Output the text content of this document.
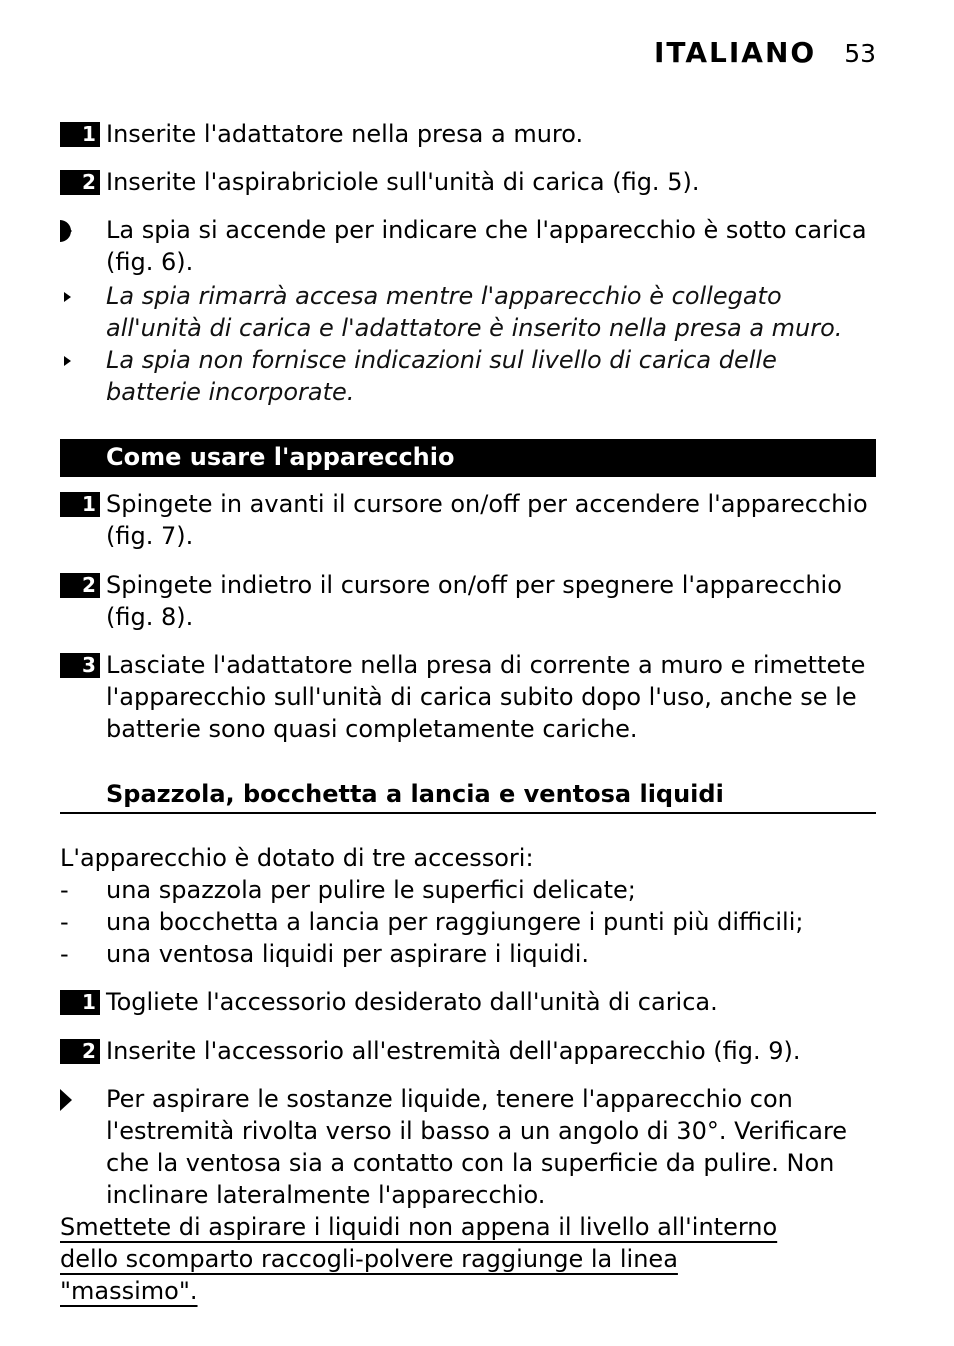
ITALIANO 53
1 Inserite l'adattatore nella presa a muro.
2 Inserite l'aspirabriciole sull'unità di carica (fig. 5).
La spia si accende per indicare che l'apparecchio è sotto carica (fig. 6).
La spia rimarrà accesa mentre l'apparecchio è collegato all'unità di carica e l'adattatore è inserito nella presa a muro.
La spia non fornisce indicazioni sul livello di carica delle batterie incorporate.
Come usare l'apparecchio
1 Spingete in avanti il cursore on/off per accendere l'apparecchio (fig. 7).
2 Spingete indietro il cursore on/off per spegnere l'apparecchio (fig. 8).
3 Lasciate l'adattatore nella presa di corrente a muro e rimettete l'apparecchio sull'unità di carica subito dopo l'uso, anche se le batterie sono quasi completamente cariche.
Spazzola, bocchetta a lancia e ventosa liquidi
L'apparecchio è dotato di tre accessori:
- una spazzola per pulire le superfici delicate;
- una bocchetta a lancia per raggiungere i punti più difficili;
- una ventosa liquidi per aspirare i liquidi.
1 Togliete l'accessorio desiderato dall'unità di carica.
2 Inserite l'accessorio all'estremità dell'apparecchio (fig. 9).
Per aspirare le sostanze liquide, tenere l'apparecchio con l'estremità rivolta verso il basso a un angolo di 30°. Verificare che la ventosa sia a contatto con la superficie da pulire. Non inclinare lateralmente l'apparecchio.
Smettete di aspirare i liquidi non appena il livello all'interno dello scomparto raccogli-polvere raggiunge la linea "massimo".
